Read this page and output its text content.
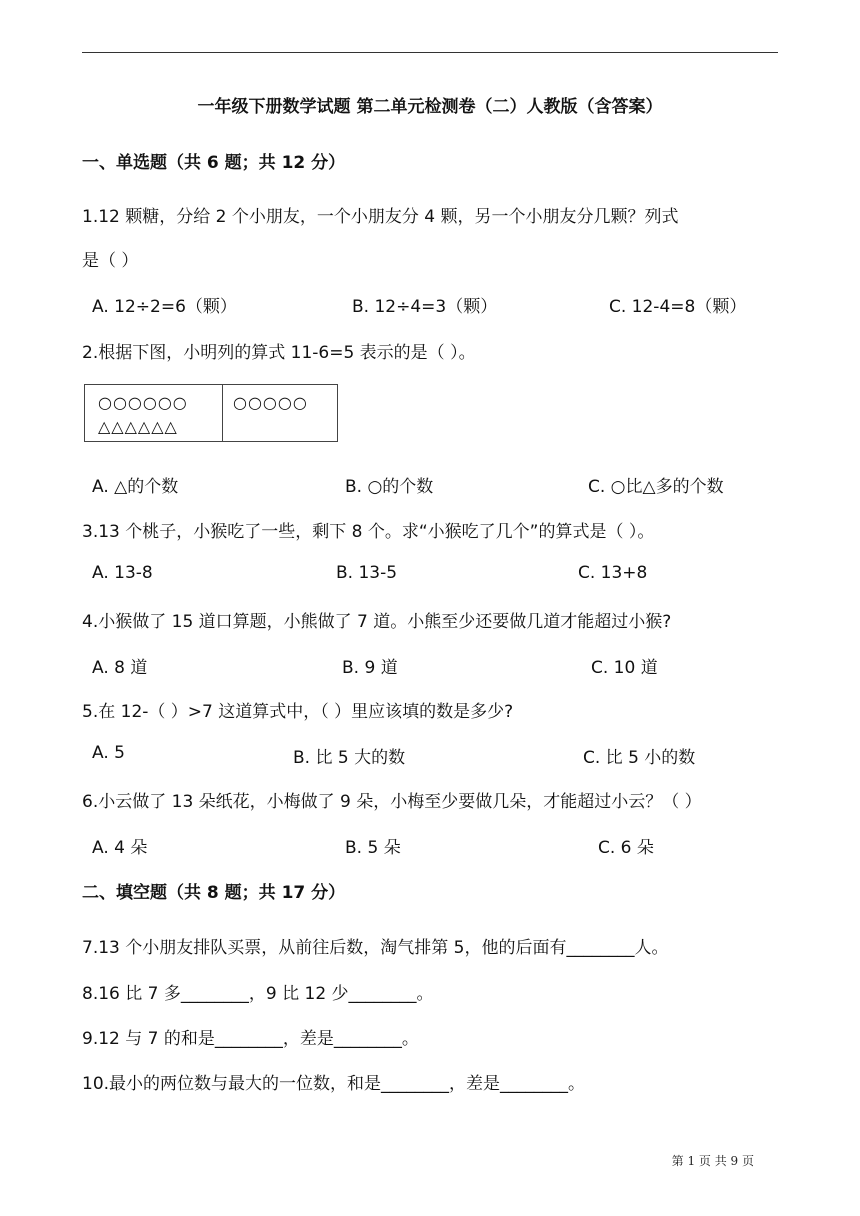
一年级下册数学试题 第二单元检测卷（二）人教版（含答案）
一、单选题（共 6 题；共 12 分）
1.12 颗糖，分给 2 个小朋友，一个小朋友分 4 颗，另一个小朋友分几颗？列式
是（ ）
A. 12÷2=6（颗）	B. 12÷4=3（颗）	C. 12-4=8（颗）
2.根据下图，小明列的算式 11-6=5 表示的是（ ）。
○○○○○○
△△△△△△
○○○○○
A. △的个数	B. ○的个数	C. ○比△多的个数
3.13 个桃子，小猴吃了一些，剩下 8 个。求“小猴吃了几个”的算式是（ ）。
A. 13-8	B. 13-5	C. 13+8
4.小猴做了 15 道口算题，小熊做了 7 道。小熊至少还要做几道才能超过小猴?
A. 8 道	B. 9 道	C. 10 道
5.在 12-（ ）>7 这道算式中，（ ）里应该填的数是多少?
A. 5	B. 比 5 大的数	C. 比 5 小的数
6.小云做了 13 朵纸花，小梅做了 9 朵，小梅至少要做几朵，才能超过小云？（ ）
A. 4 朵	B. 5 朵	C. 6 朵
二、填空题（共 8 题；共 17 分）
7.13 个小朋友排队买票，从前往后数，淘气排第 5，他的后面有________人。
8.16 比 7 多________，9 比 12 少________。
9.12 与 7 的和是________，差是________。
10.最小的两位数与最大的一位数，和是________，差是________。
第 1 页 共 9 页
